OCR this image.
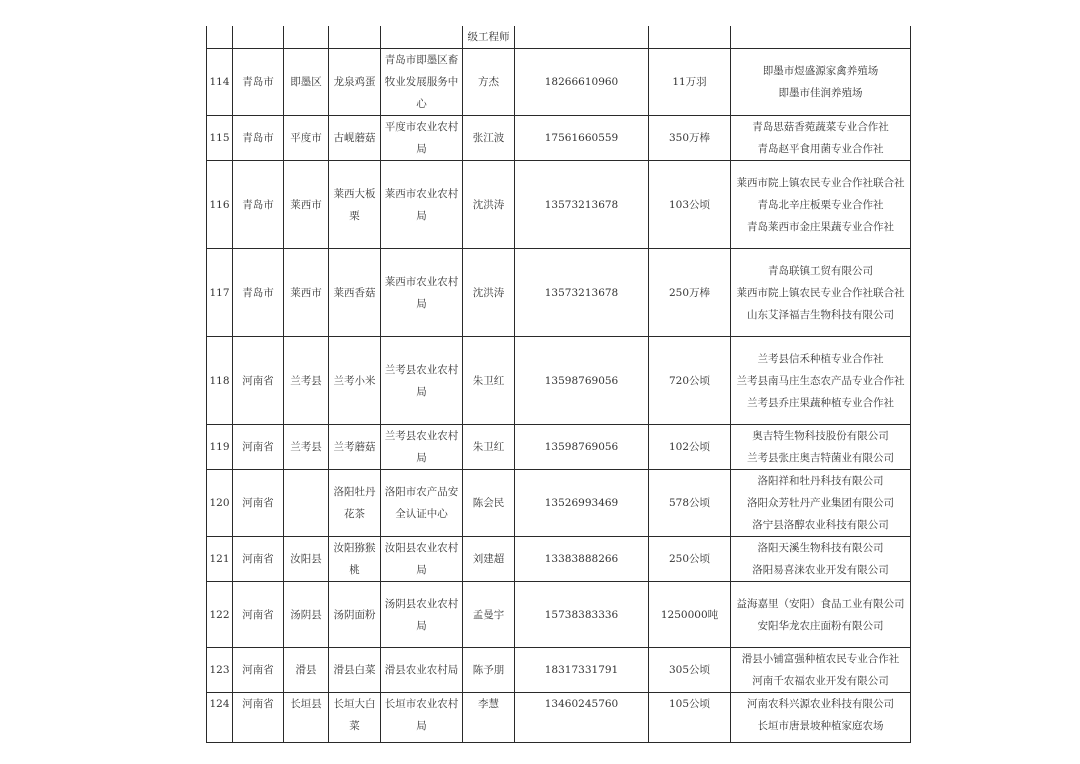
					级工程师			
114	青岛市	即墨区	龙泉鸡蛋	青岛市即墨区畜牧业发展服务中心	方杰	18266610960	11万羽	即墨市煜盛源家禽养殖场
即墨市佳润养殖场

115	青岛市	平度市	古岘蘑菇	平度市农业农村局	张江波	17561660559	350万棒	青岛思菇香菀蔬菜专业合作社
青岛赵平食用菌专业合作社

116	青岛市	莱西市	莱西大板栗	莱西市农业农村局	沈洪涛	13573213678	103公顷	莱西市院上镇农民专业合作社联合社
青岛北辛庄板栗专业合作社
青岛莱西市金庄果蔬专业合作社

117	青岛市	莱西市	莱西香菇	莱西市农业农村局	沈洪涛	13573213678	250万棒	青岛联镇工贸有限公司
莱西市院上镇农民专业合作社联合社
山东艾泽福吉生物科技有限公司

118	河南省	兰考县	兰考小米	兰考县农业农村局	朱卫红	13598769056	720公顷	兰考县信禾种植专业合作社
兰考县南马庄生态农产品专业合作社
兰考县乔庄果蔬种植专业合作社

119	河南省	兰考县	兰考蘑菇	兰考县农业农村局	朱卫红	13598769056	102公顷	奥吉特生物科技股份有限公司
兰考县张庄奥吉特菌业有限公司

120	河南省		洛阳牡丹花茶	洛阳市农产品安全认证中心	陈会民	13526993469	578公顷	洛阳祥和牡丹科技有限公司
洛阳众芳牡丹产业集团有限公司
洛宁县洛醇农业科技有限公司

121	河南省	汝阳县	汝阳猕猴桃	汝阳县农业农村局	刘建超	13383888266	250公顷	洛阳天溪生物科技有限公司
洛阳易喜涞农业开发有限公司

122	河南省	汤阴县	汤阴面粉	汤阴县农业农村局	孟曼宇	15738383336	1250000吨	益海嘉里（安阳）食品工业有限公司
安阳华龙农庄面粉有限公司

123	河南省	滑县	滑县白菜	滑县农业农村局	陈予朋	18317331791	305公顷	滑县小铺富强种植农民专业合作社
河南千农福农业开发有限公司

124	河南省	长垣县	长垣大白菜	长垣市农业农村局	李慧	13460245760	105公顷	河南农科兴源农业科技有限公司
长垣市唐景坡种植家庭农场
